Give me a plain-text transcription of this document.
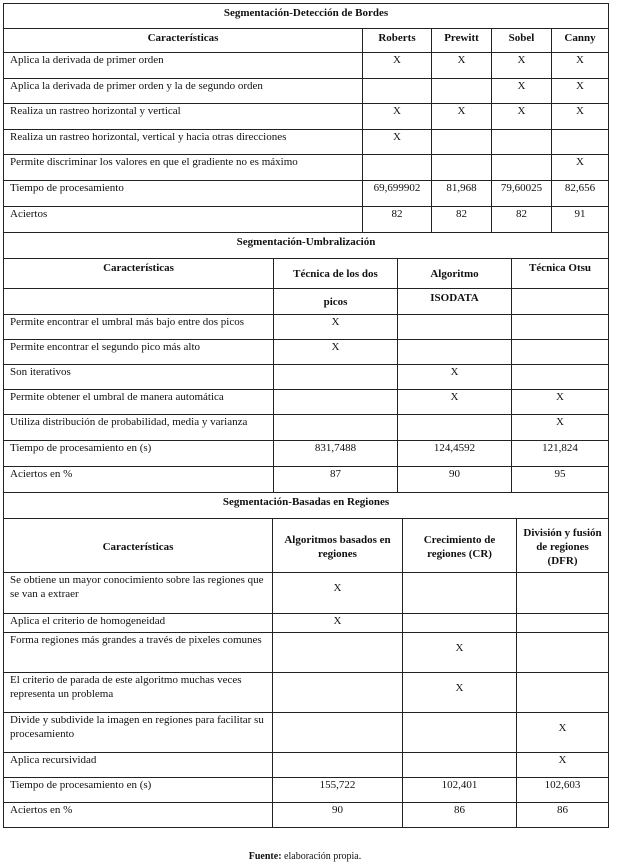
Segmentación-Detección de Bordes				
Características	Roberts	Prewitt	Sobel	Canny
Aplica la derivada de primer orden	X	X	X	X
Aplica la derivada de primer orden y la de segundo orden			X	X
Realiza un rastreo horizontal y vertical	X	X	X	X
Realiza un rastreo horizontal, vertical y hacia otras direcciones	X			
Permite discriminar los valores en que el gradiente no es máximo				X
Tiempo de procesamiento	69,699902	81,968	79,60025	82,656
Aciertos	82	82	82	91
Segmentación-Umbralización
Características	Técnica de los dos	Algoritmo	Técnica Otsu
	picos	ISODATA	
Permite encontrar el umbral más bajo entre dos picos	X		
Permite encontrar el segundo pico más alto	X		
Son iterativos		X	
Permite obtener el umbral de manera automática		X	X
Utiliza distribución de probabilidad, media y varianza			X
Tiempo de procesamiento en (s)	831,7488	124,4592	121,824
Aciertos en %	87	90	95
Segmentación-Basadas en Regiones			
Características	Algoritmos basados en regiones	Crecimiento de regiones (CR)	División y fusión de regiones (DFR)
Se obtiene un mayor conocimiento sobre las regiones que se van a extraer	X		
Aplica el criterio de homogeneidad	X		
Forma regiones más grandes a través de pixeles comunes		X	
El criterio de parada de este algoritmo muchas veces representa un problema		X	
Divide y subdivide la imagen en regiones para facilitar su procesamiento			X
Aplica recursividad			X
Tiempo de procesamiento en (s)	155,722	102,401	102,603
Aciertos en %	90	86	86
Fuente: elaboración propia.
